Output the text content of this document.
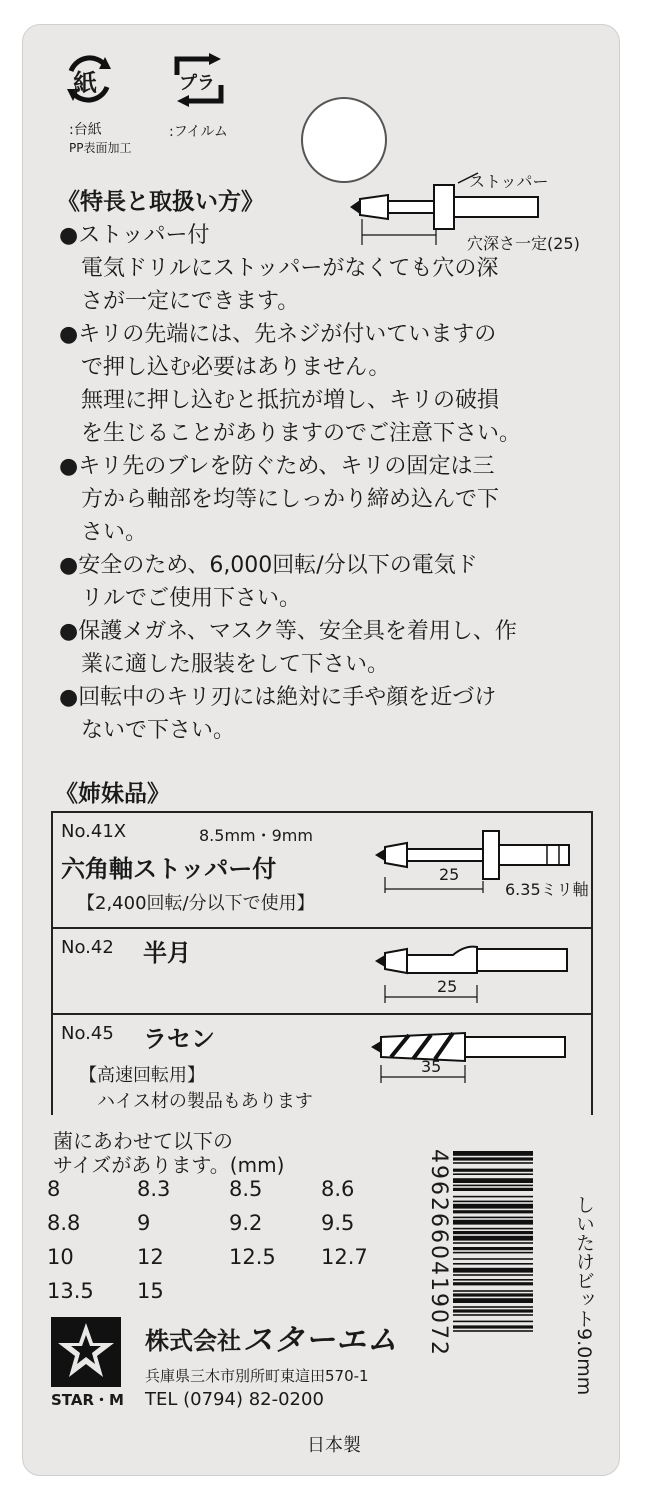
紙
:台紙
PP表面加工
プラ
:フイルム
《特長と取扱い方》
ストッパー
穴深さ一定(25)
●ストッパー付
電気ドリルにストッパーがなくても穴の深
さが一定にできます。
●キリの先端には、先ネジが付いていますの
で押し込む必要はありません。
無理に押し込むと抵抗が増し、キリの破損
を生じることがありますのでご注意下さい。
●キリ先のブレを防ぐため、キリの固定は三
方から軸部を均等にしっかり締め込んで下
さい。
●安全のため、6,000回転/分以下の電気ド
リルでご使用下さい。
●保護メガネ、マスク等、安全具を着用し、作
業に適した服装をして下さい。
●回転中のキリ刃には絶対に手や顔を近づけ
ないで下さい。
《姉妹品》
No.41X	8.5mm・9mm
六角軸ストッパー付
【2,400回転/分以下で使用】
25
6.35ミリ軸
No.42 半月
25
No.45 ラセン
【高速回転用】
ハイス材の製品もあります
35
菌にあわせて以下の
サイズがあります。(mm)
8	8.3	8.5	8.6
8.8	9	9.2	9.5
10	12	12.5	12.7
13.5	15
STAR・M
株式会社 スターエム
兵庫県三木市別所町東這田570-1
TEL (0794) 82-0200
日本製
4962660419072	しいたけビット9.0mm
